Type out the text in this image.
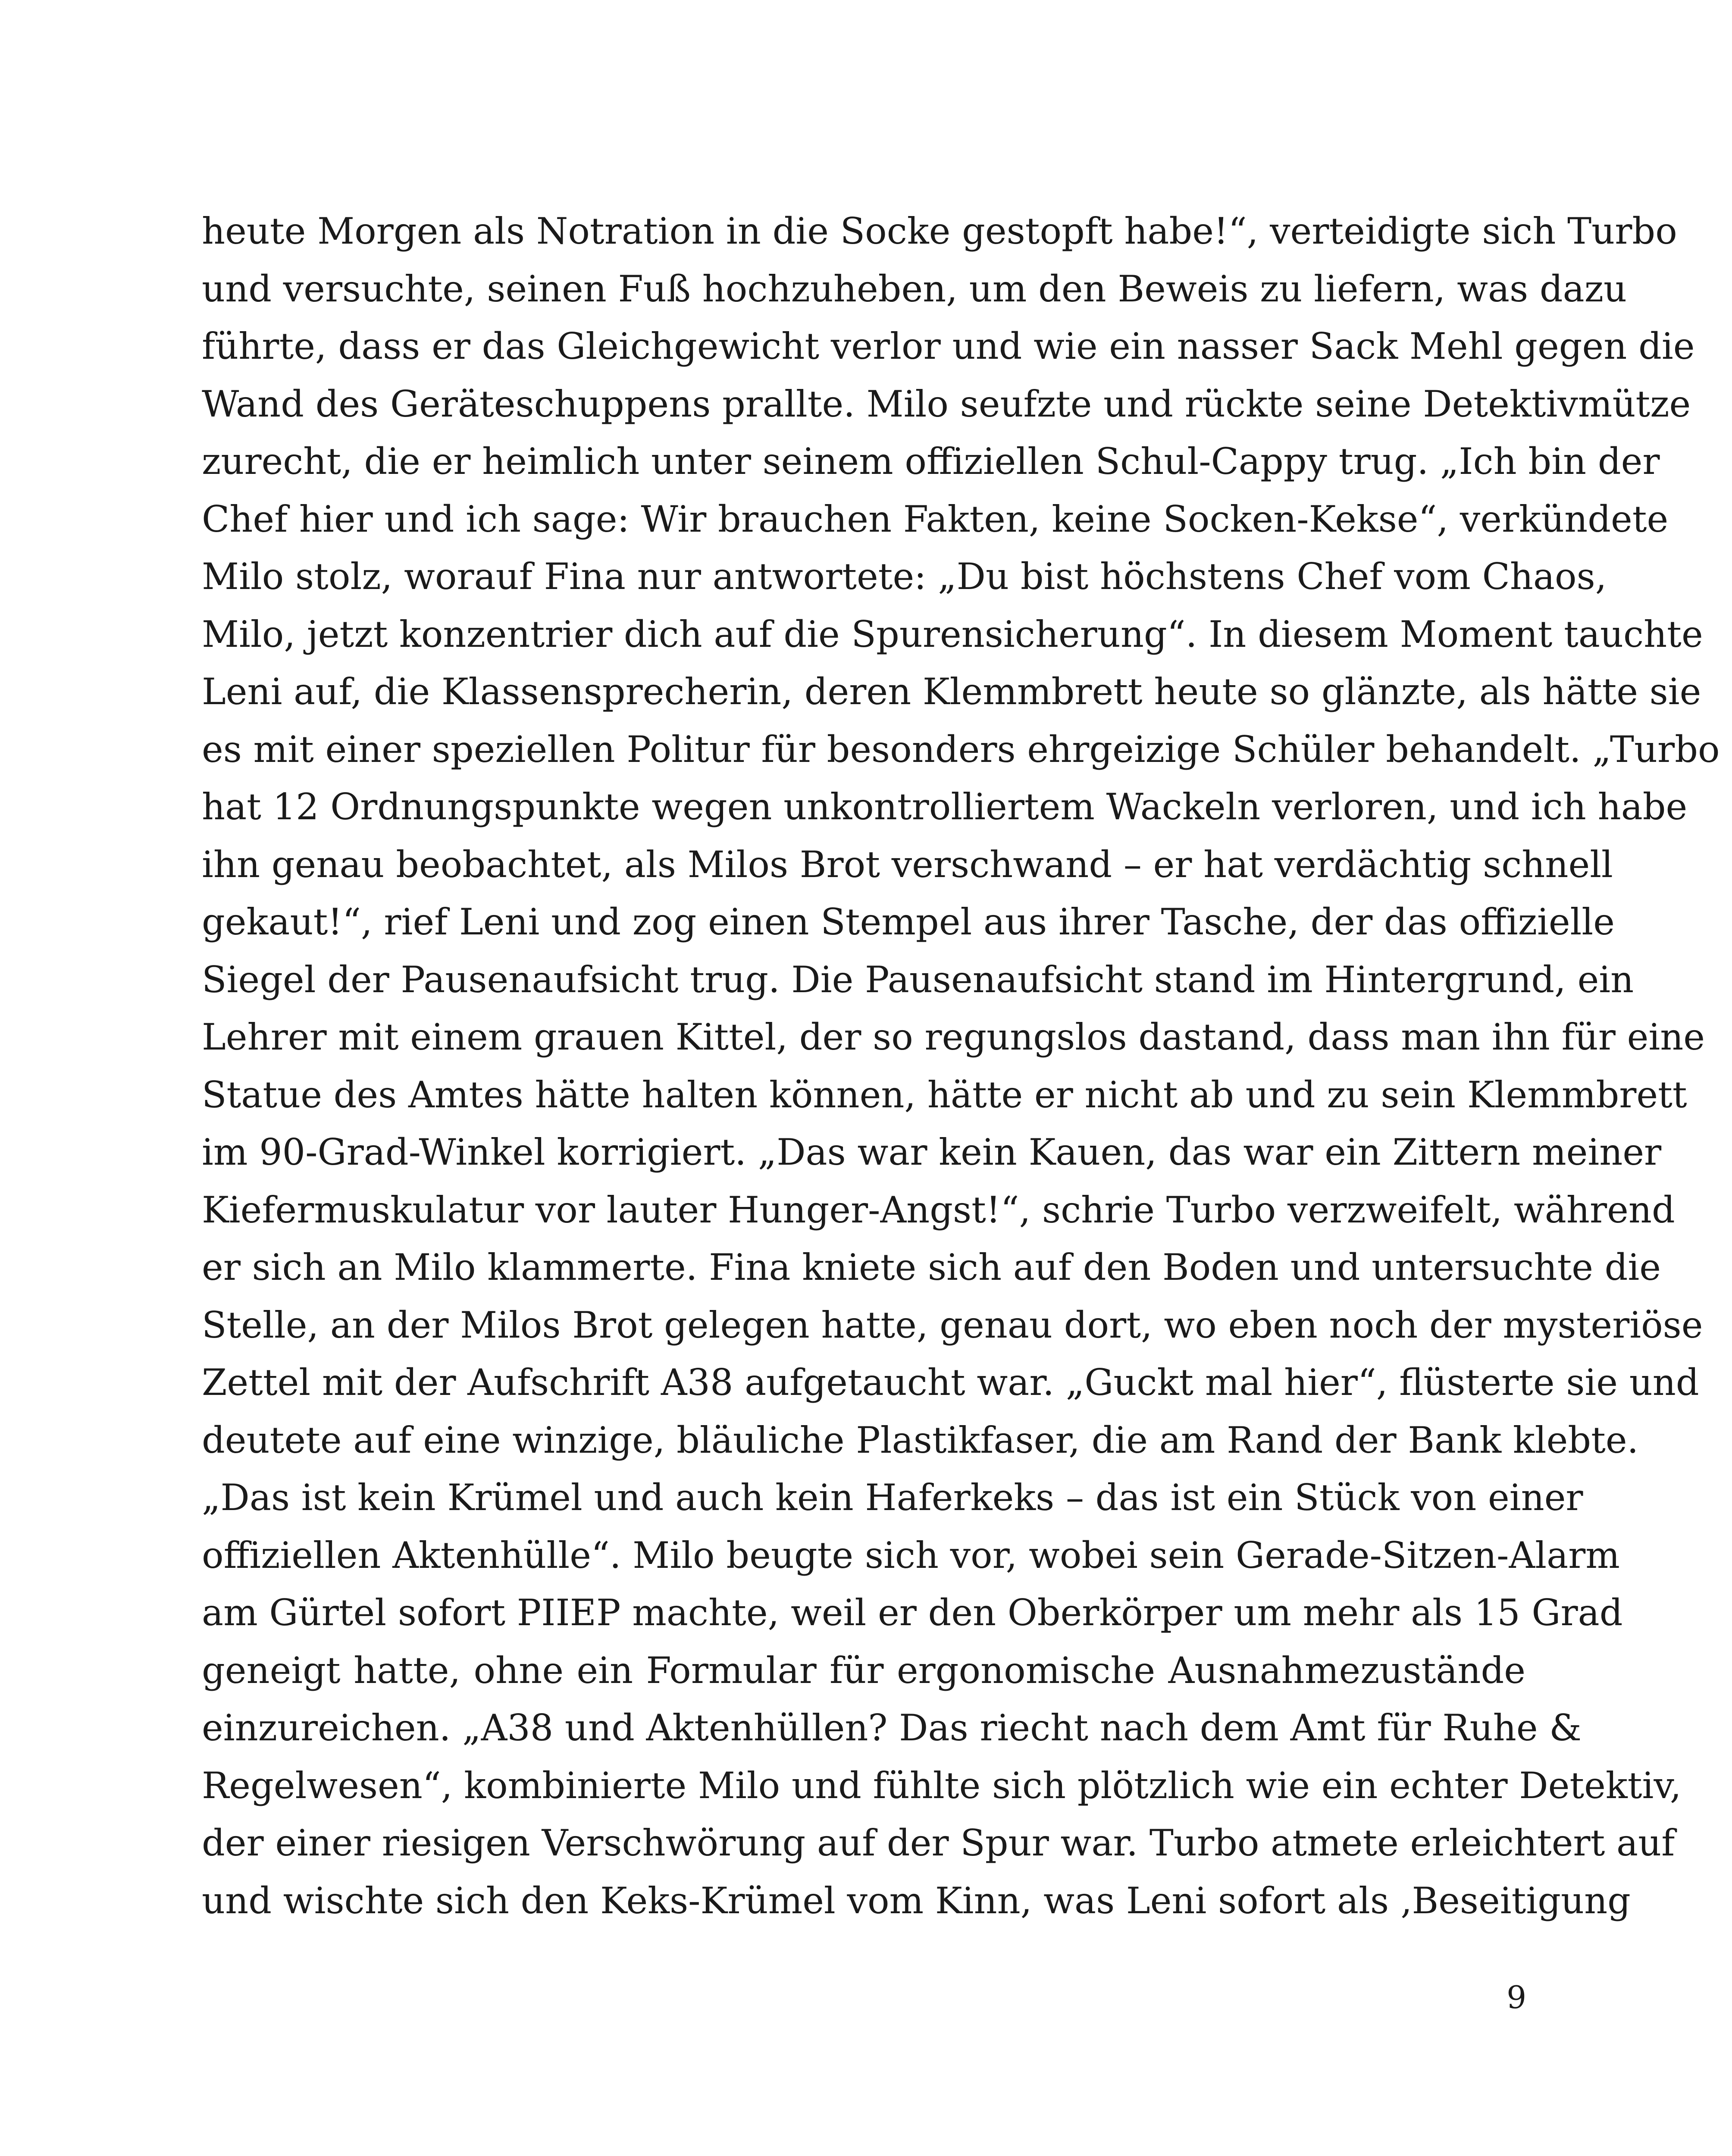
heute Morgen als Notration in die Socke gestopft habe!“, verteidigte sich Turbo
und versuchte, seinen Fuß hochzuheben, um den Beweis zu liefern, was dazu
führte, dass er das Gleichgewicht verlor und wie ein nasser Sack Mehl gegen die
Wand des Geräteschuppens prallte. Milo seufzte und rückte seine Detektivmütze
zurecht, die er heimlich unter seinem offiziellen Schul-Cappy trug. „Ich bin der
Chef hier und ich sage: Wir brauchen Fakten, keine Socken-Kekse“, verkündete
Milo stolz, worauf Fina nur antwortete: „Du bist höchstens Chef vom Chaos,
Milo, jetzt konzentrier dich auf die Spurensicherung“. In diesem Moment tauchte
Leni auf, die Klassensprecherin, deren Klemmbrett heute so glänzte, als hätte sie
es mit einer speziellen Politur für besonders ehrgeizige Schüler behandelt. „Turbo
hat 12 Ordnungspunkte wegen unkontrolliertem Wackeln verloren, und ich habe
ihn genau beobachtet, als Milos Brot verschwand – er hat verdächtig schnell
gekaut!“, rief Leni und zog einen Stempel aus ihrer Tasche, der das offizielle
Siegel der Pausenaufsicht trug. Die Pausenaufsicht stand im Hintergrund, ein
Lehrer mit einem grauen Kittel, der so regungslos dastand, dass man ihn für eine
Statue des Amtes hätte halten können, hätte er nicht ab und zu sein Klemmbrett
im 90-Grad-Winkel korrigiert. „Das war kein Kauen, das war ein Zittern meiner
Kiefermuskulatur vor lauter Hunger-Angst!“, schrie Turbo verzweifelt, während
er sich an Milo klammerte. Fina kniete sich auf den Boden und untersuchte die
Stelle, an der Milos Brot gelegen hatte, genau dort, wo eben noch der mysteriöse
Zettel mit der Aufschrift A38 aufgetaucht war. „Guckt mal hier“, flüsterte sie und
deutete auf eine winzige, bläuliche Plastikfaser, die am Rand der Bank klebte.
„Das ist kein Krümel und auch kein Haferkeks – das ist ein Stück von einer
offiziellen Aktenhülle“. Milo beugte sich vor, wobei sein Gerade-Sitzen-Alarm
am Gürtel sofort PIIEP machte, weil er den Oberkörper um mehr als 15 Grad
geneigt hatte, ohne ein Formular für ergonomische Ausnahmezustände
einzureichen. „A38 und Aktenhüllen? Das riecht nach dem Amt für Ruhe &
Regelwesen“, kombinierte Milo und fühlte sich plötzlich wie ein echter Detektiv,
der einer riesigen Verschwörung auf der Spur war. Turbo atmete erleichtert auf
und wischte sich den Keks-Krümel vom Kinn, was Leni sofort als ‚Beseitigung
9
